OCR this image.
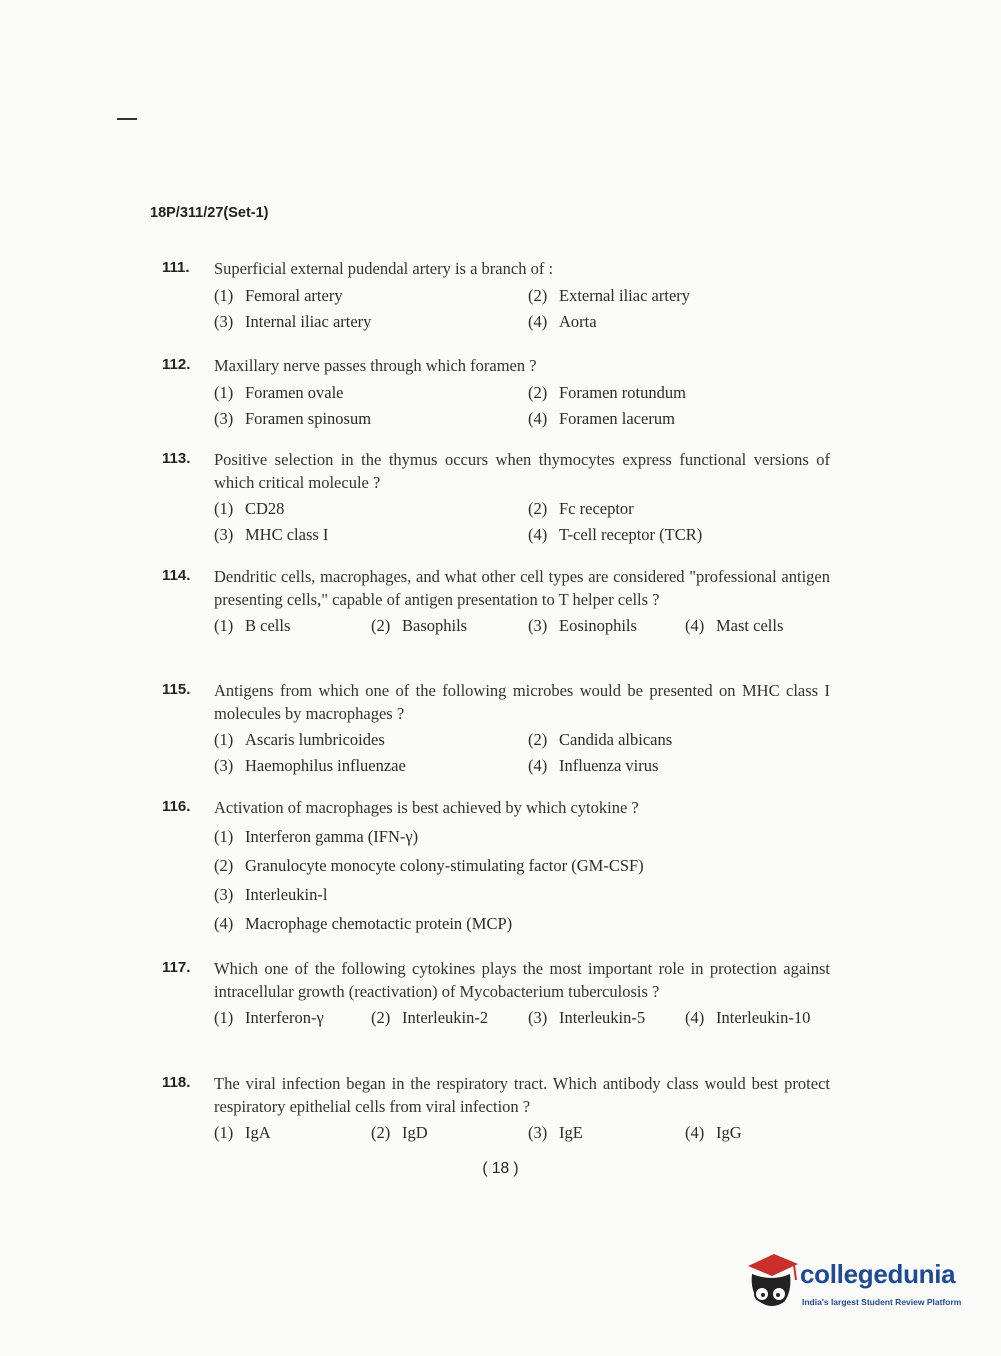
18P/311/27(Set-1)
111. Superficial external pudendal artery is a branch of :
(1) Femoral artery	(2) External iliac artery
(3) Internal iliac artery	(4) Aorta
112. Maxillary nerve passes through which foramen ?
(1) Foramen ovale	(2) Foramen rotundum
(3) Foramen spinosum	(4) Foramen lacerum
113. Positive selection in the thymus occurs when thymocytes express functional versions of which critical molecule ?
(1) CD28	(2) Fc receptor
(3) MHC class I	(4) T-cell receptor (TCR)
114. Dendritic cells, macrophages, and what other cell types are considered "professional antigen presenting cells," capable of antigen presentation to T helper cells ?
(1) B cells	(2) Basophils	(3) Eosinophils	(4) Mast cells
115. Antigens from which one of the following microbes would be presented on MHC class I molecules by macrophages ?
(1) Ascaris lumbricoides	(2) Candida albicans
(3) Haemophilus influenzae	(4) Influenza virus
116. Activation of macrophages is best achieved by which cytokine ?
(1) Interferon gamma (IFN-γ)
(2) Granulocyte monocyte colony-stimulating factor (GM-CSF)
(3) Interleukin-l
(4) Macrophage chemotactic protein (MCP)
117. Which one of the following cytokines plays the most important role in protection against intracellular growth (reactivation) of Mycobacterium tuberculosis ?
(1) Interferon-γ	(2) Interleukin-2	(3) Interleukin-5	(4) Interleukin-10
118. The viral infection began in the respiratory tract. Which antibody class would best protect respiratory epithelial cells from viral infection ?
(1) IgA	(2) IgD	(3) IgE	(4) IgG
( 18 )
collegedunia
India's largest Student Review Platform
